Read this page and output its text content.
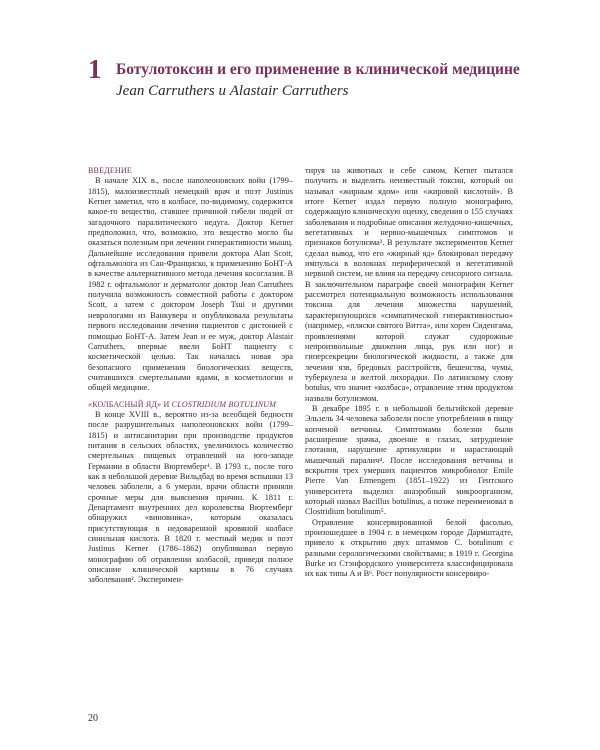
1 Ботулотоксин и его применение в клинической медицине
Jean Carruthers и Alastair Carruthers
ВВЕДЕНИЕ

В начале XIX в., после наполеоновских войн (1799–1815), малоизвестный немецкий врач и поэт Justinus Kerner заметил, что в колбасе, по-видимому, содержится какое-то вещество, ставшее причиной гибели людей от загадочного паралитического недуга. Доктор Kerner предположил, что, возможно, это вещество могло бы оказаться полезным при лечении гиперактивности мышц. Дальнейшие исследования привели доктора Alan Scott, офтальмолога из Сан-Франциско, к применению БоНТ-А в качестве альтернативного метода лечения косоглазия. В 1982 г. офтальмолог и дерматолог доктор Jean Carruthers получила возможность совместной работы с доктором Scott, а затем с доктором Joseph Tsui и другими неврологами из Ванкувера и опубликовала результаты первого исследования лечения пациентов с дистонией с помощью БоНТ-А. Затем Jean и ее муж, доктор Alastair Carruthers, впервые ввели БоНТ пациенту с косметической целью. Так началась новая эра безопасного применения биологических веществ, считавшихся смертельными ядами, в косметологии и общей медицине.

«КОЛБАСНЫЙ ЯД» И CLOSTRIDIUM BOTULINUM

В конце XVIII в., вероятно из-за всеобщей бедности после разрушительных наполеоновских войн (1799–1815) и антисанитарии при производстве продуктов питания в сельских областях, увеличилось количество смертельных пищевых отравлений на юго-западе Германии в области Вюртемберг¹. В 1793 г., после того как в небольшой деревне Вильдбад во время вспышки 13 человек заболели, а 6 умерли, врачи области приняли срочные меры для выяснения причин. К 1811 г. Департамент внутренних дел королевства Вюртемберг обнаружил «виновника», которым оказалась присутствующая в недоваренной кровяной колбасе синильная кислота. В 1820 г. местный медик и поэт Justinus Kerner (1786–1862) опубликовал первую монографию об отравлении колбасой, приведя полное описание клинической картины в 76 случаях заболевания². Эксперимен-

тируя на животных и себе самом, Kerner пытался получить и выделить неизвестный токсин, который он называл «жирным ядом» или «жировой кислотой». В итоге Kerner издал первую полную монографию, содержащую клиническую оценку, сведения о 155 случаях заболевания и подробные описания желудочно-кишечных, вегетативных и нервно-мышечных симптомов и признаков ботулизма³. В результате экспериментов Kerner сделал вывод, что его «жирный яд» блокировал передачу импульса в волокнах периферической и вегетативной нервной систем, не влияя на передачу сенсорного сигнала. В заключительном параграфе своей монографии Kerner рассмотрел потенциальную возможность использования токсина для лечения множества нарушений, характеризующихся «симпатической гиперактивностью» (например, «пляски святого Витта», или хореи Сиденгама, проявлениями которой служат судорожные непроизвольные движения лица, рук или ног) и гиперсекреции биологической жидкости, а также для лечения язв, бредовых расстройств, бешенства, чумы, туберкулеза и желтой лихорадки. По латинскому слову botulus, что значит «колбаса», отравление этим продуктом назвали ботулизмом.

В декабре 1895 г. в небольшой бельгийской деревне Эльзель 34 человека заболели после употребления в пищу копченой ветчины. Симптомами болезни были расширение зрачка, двоение в глазах, затруднение глотания, нарушение артикуляции и нарастающий мышечный паралич⁴. После исследования ветчины и вскрытия трех умерших пациентов микробиолог Emile Pierre Van Ermengem (1851–1922) из Гентского университета выделил анаэробный микроорганизм, который назвал Bacillus botulinus, а позже переименовал в Clostridium botulinum⁵.

Отравление консервированной белой фасолью, произошедшее в 1904 г. в немецком городе Дармштадте, привело к открытию двух штаммов C. botulinum с разными серологическими свойствами; в 1919 г. Georgina Burke из Стэнфордского университета классифицировала их как типы A и B⁶. Рост популярности консервиро-

20
